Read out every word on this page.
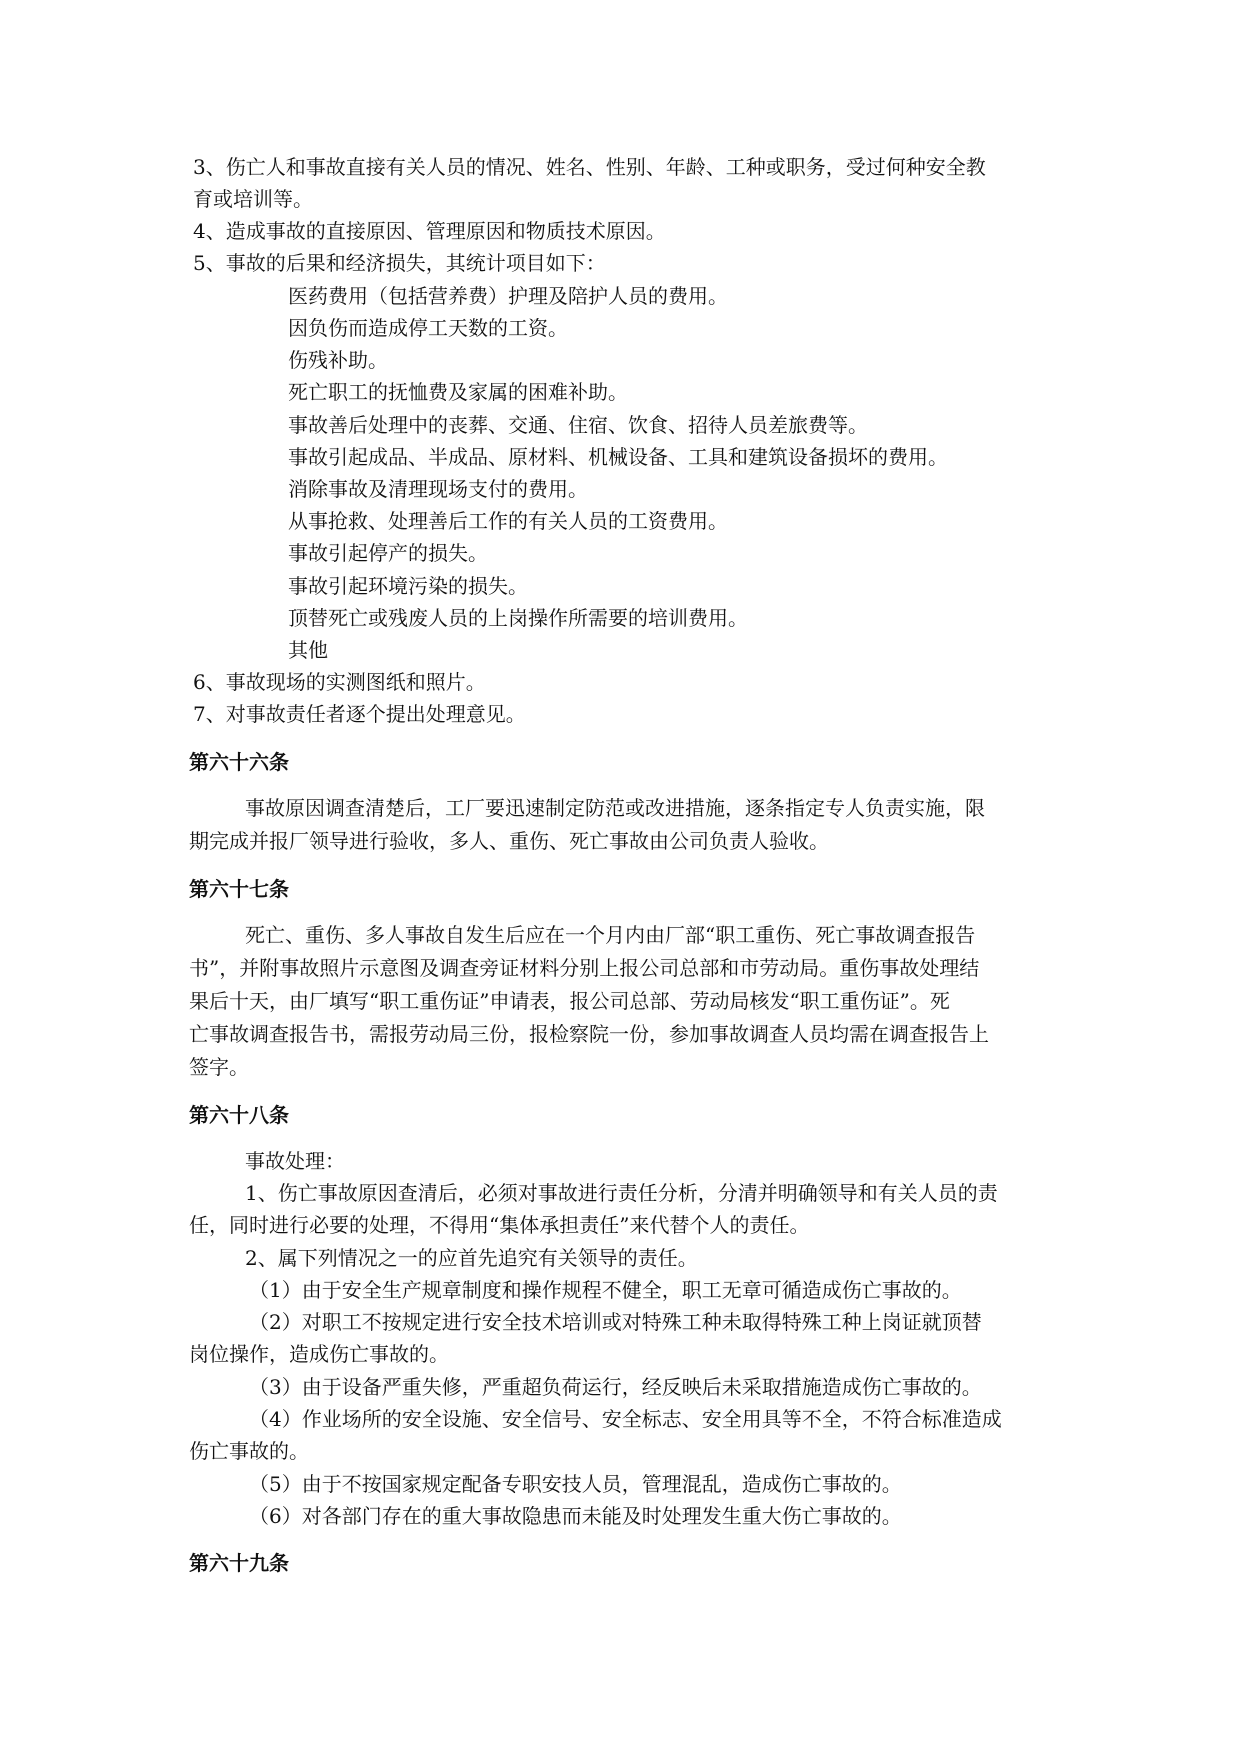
3、伤亡人和事故直接有关人员的情况、姓名、性别、年龄、工种或职务，受过何种安全教
育或培训等。
4、造成事故的直接原因、管理原因和物质技术原因。
5、事故的后果和经济损失，其统计项目如下：
医药费用（包括营养费）护理及陪护人员的费用。
因负伤而造成停工天数的工资。
伤残补助。
死亡职工的抚恤费及家属的困难补助。
事故善后处理中的丧葬、交通、住宿、饮食、招待人员差旅费等。
事故引起成品、半成品、原材料、机械设备、工具和建筑设备损坏的费用。
消除事故及清理现场支付的费用。
从事抢救、处理善后工作的有关人员的工资费用。
事故引起停产的损失。
事故引起环境污染的损失。
顶替死亡或残废人员的上岗操作所需要的培训费用。
其他
6、事故现场的实测图纸和照片。
7、对事故责任者逐个提出处理意见。
第六十六条
事故原因调查清楚后，工厂要迅速制定防范或改进措施，逐条指定专人负责实施，限
期完成并报厂领导进行验收，多人、重伤、死亡事故由公司负责人验收。
第六十七条
死亡、重伤、多人事故自发生后应在一个月内由厂部“职工重伤、死亡事故调查报告
书”，并附事故照片示意图及调查旁证材料分别上报公司总部和市劳动局。重伤事故处理结
果后十天，由厂填写“职工重伤证”申请表，报公司总部、劳动局核发“职工重伤证”。死
亡事故调查报告书，需报劳动局三份，报检察院一份，参加事故调查人员均需在调查报告上
签字。
第六十八条
事故处理：
1、伤亡事故原因查清后，必须对事故进行责任分析，分清并明确领导和有关人员的责
任，同时进行必要的处理，不得用“集体承担责任”来代替个人的责任。
2、属下列情况之一的应首先追究有关领导的责任。
（1）由于安全生产规章制度和操作规程不健全，职工无章可循造成伤亡事故的。
（2）对职工不按规定进行安全技术培训或对特殊工种未取得特殊工种上岗证就顶替
岗位操作，造成伤亡事故的。
（3）由于设备严重失修，严重超负荷运行，经反映后未采取措施造成伤亡事故的。
（4）作业场所的安全设施、安全信号、安全标志、安全用具等不全，不符合标准造成
伤亡事故的。
（5）由于不按国家规定配备专职安技人员，管理混乱，造成伤亡事故的。
（6）对各部门存在的重大事故隐患而未能及时处理发生重大伤亡事故的。
第六十九条
